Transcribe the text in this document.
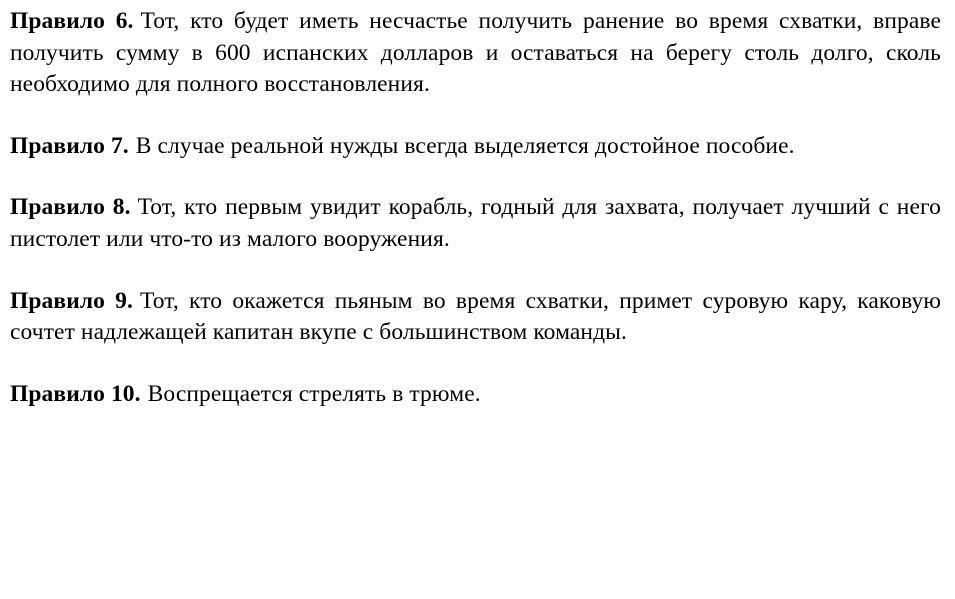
Правило 6. Тот, кто будет иметь несчастье получить ранение во время схватки, вправе получить сумму в 600 испанских долларов и оставаться на берегу столь долго, сколь необходимо для полного восстановления.

Правило 7. В случае реальной нужды всегда выделяется достойное пособие.

Правило 8. Тот, кто первым увидит корабль, годный для захвата, получает лучший с него пистолет или что-то из малого вооружения.

Правило 9. Тот, кто окажется пьяным во время схватки, примет суровую кару, каковую сочтет надлежащей капитан вкупе с большинством команды.

Правило 10. Воспрещается стрелять в трюме.
